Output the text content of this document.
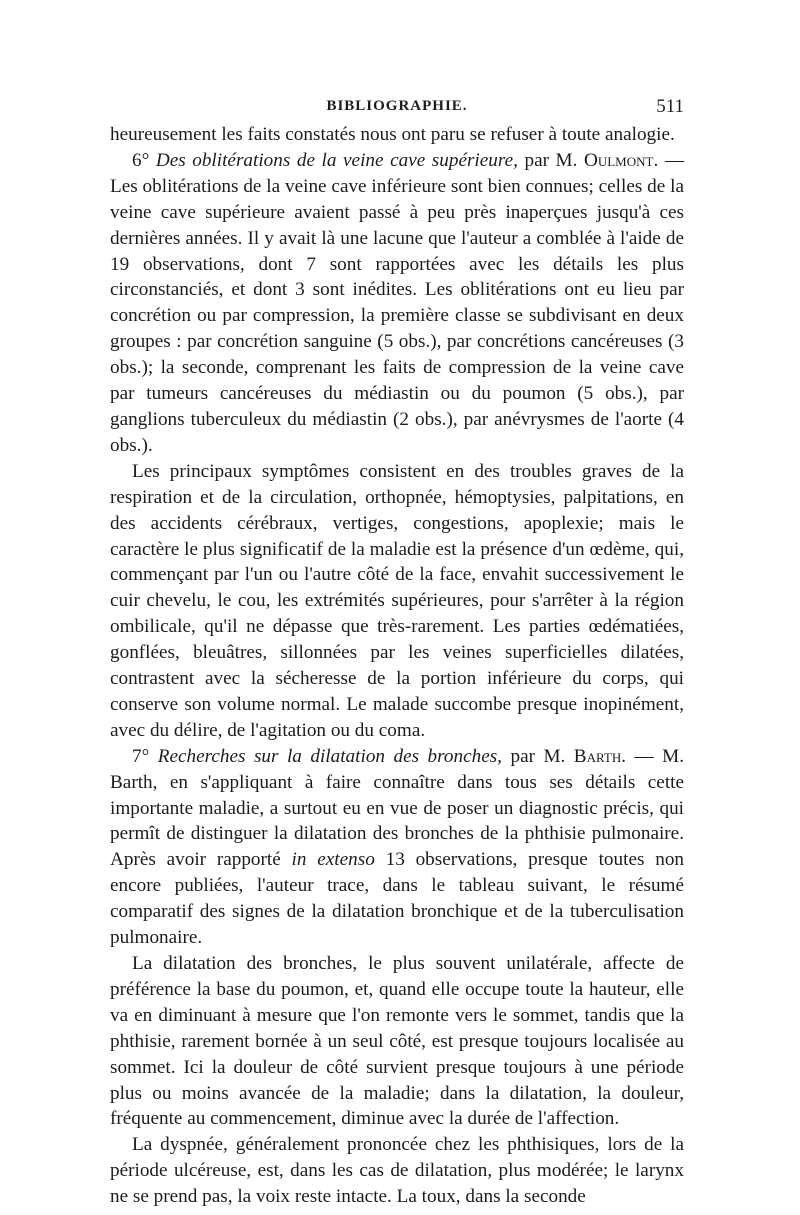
BIBLIOGRAPHIE.	511

heureusement les faits constatés nous ont paru se refuser à toute analogie.

6° Des oblitérations de la veine cave supérieure, par M. Oulmont. — Les oblitérations de la veine cave inférieure sont bien connues; celles de la veine cave supérieure avaient passé à peu près inaperçues jusqu'à ces dernières années. Il y avait là une lacune que l'auteur a comblée à l'aide de 19 observations, dont 7 sont rapportées avec les détails les plus circonstanciés, et dont 3 sont inédites. Les oblitérations ont eu lieu par concrétion ou par compression, la première classe se subdivisant en deux groupes : par concrétion sanguine (5 obs.), par concrétions cancéreuses (3 obs.); la seconde, comprenant les faits de compression de la veine cave par tumeurs cancéreuses du médiastin ou du poumon (5 obs.), par ganglions tuberculeux du médiastin (2 obs.), par anévrysmes de l'aorte (4 obs.).

Les principaux symptômes consistent en des troubles graves de la respiration et de la circulation, orthopnée, hémoptysies, palpitations, en des accidents cérébraux, vertiges, congestions, apoplexie; mais le caractère le plus significatif de la maladie est la présence d'un œdème, qui, commençant par l'un ou l'autre côté de la face, envahit successivement le cuir chevelu, le cou, les extrémités supérieures, pour s'arrêter à la région ombilicale, qu'il ne dépasse que très-rarement. Les parties œdématiées, gonflées, bleuâtres, sillonnées par les veines superficielles dilatées, contrastent avec la sécheresse de la portion inférieure du corps, qui conserve son volume normal. Le malade succombe presque inopinément, avec du délire, de l'agitation ou du coma.

7° Recherches sur la dilatation des bronches, par M. Barth. — M. Barth, en s'appliquant à faire connaître dans tous ses détails cette importante maladie, a surtout eu en vue de poser un diagnostic précis, qui permît de distinguer la dilatation des bronches de la phthisie pulmonaire. Après avoir rapporté in extenso 13 observations, presque toutes non encore publiées, l'auteur trace, dans le tableau suivant, le résumé comparatif des signes de la dilatation bronchique et de la tuberculisation pulmonaire.

La dilatation des bronches, le plus souvent unilatérale, affecte de préférence la base du poumon, et, quand elle occupe toute la hauteur, elle va en diminuant à mesure que l'on remonte vers le sommet, tandis que la phthisie, rarement bornée à un seul côté, est presque toujours localisée au sommet. Ici la douleur de côté survient presque toujours à une période plus ou moins avancée de la maladie; dans la dilatation, la douleur, fréquente au commencement, diminue avec la durée de l'affection.

La dyspnée, généralement prononcée chez les phthisiques, lors de la période ulcéreuse, est, dans les cas de dilatation, plus modérée; le larynx ne se prend pas, la voix reste intacte. La toux, dans la seconde
